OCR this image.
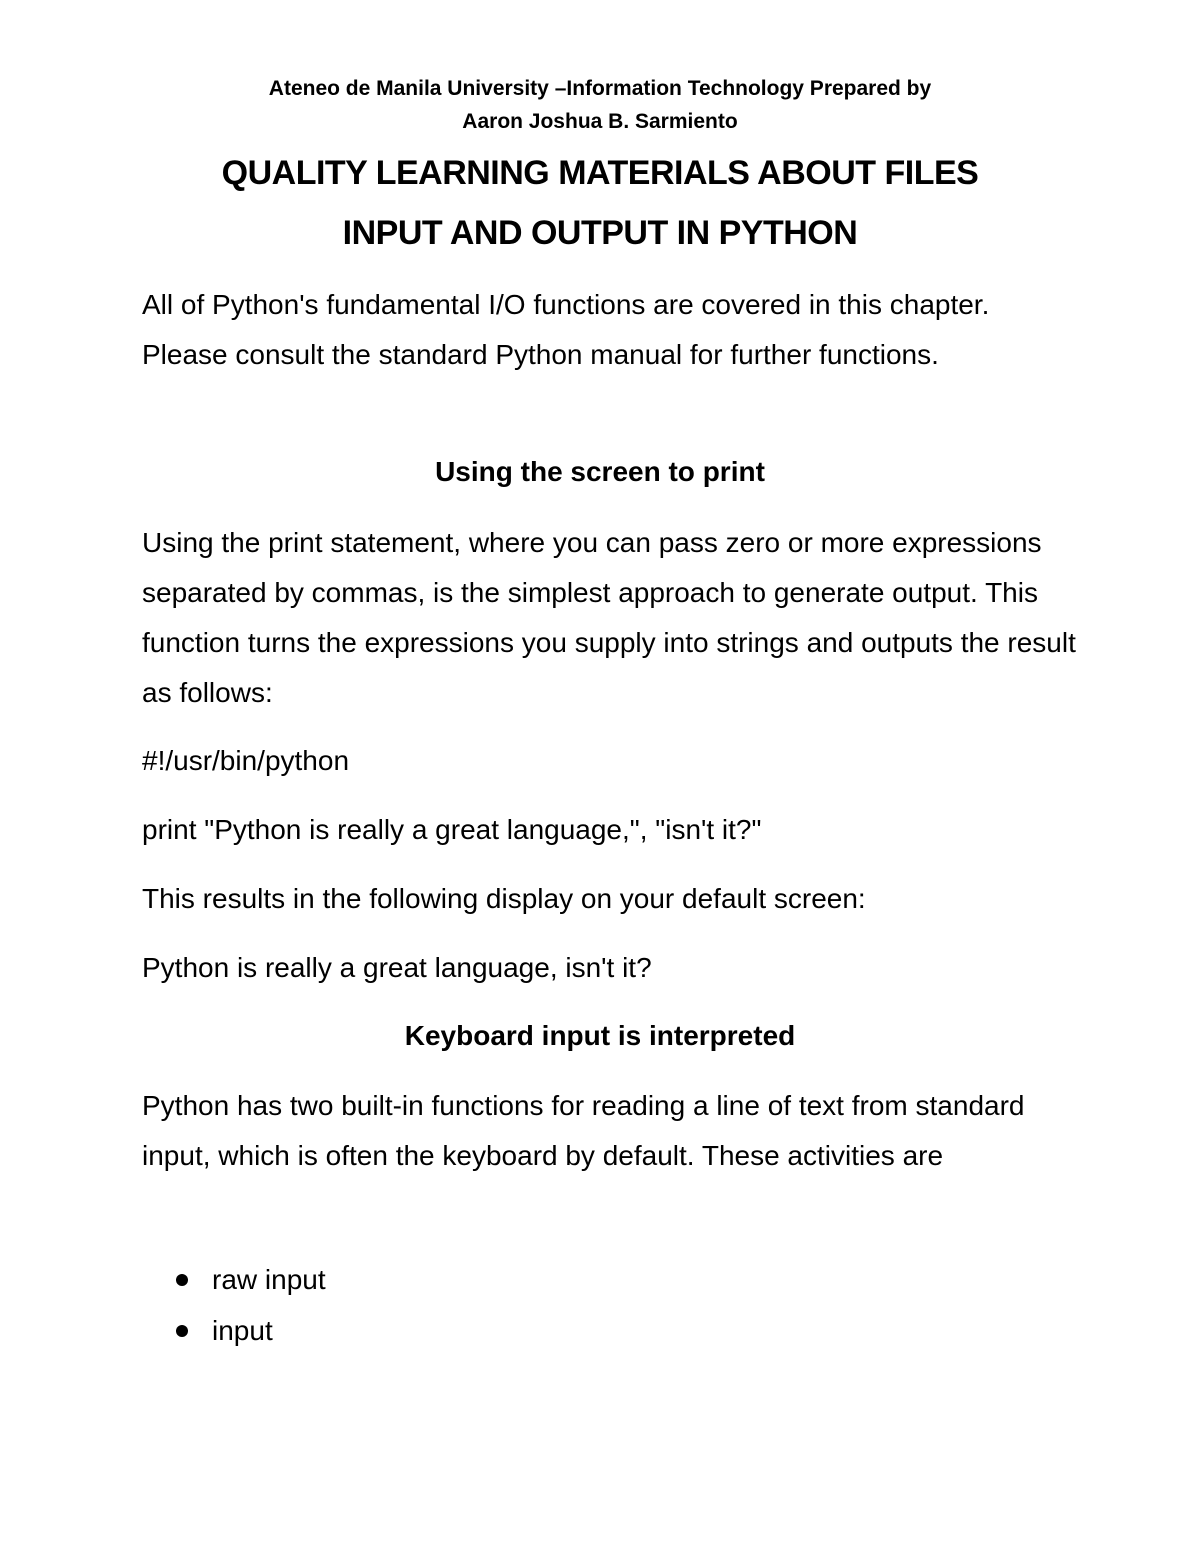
Ateneo de Manila University –Information Technology Prepared by
Aaron Joshua B. Sarmiento
QUALITY LEARNING MATERIALS ABOUT FILES
INPUT AND OUTPUT IN PYTHON

All of Python's fundamental I/O functions are covered in this chapter. Please consult the standard Python manual for further functions.

Using the screen to print

Using the print statement, where you can pass zero or more expressions separated by commas, is the simplest approach to generate output. This function turns the expressions you supply into strings and outputs the result as follows:

#!/usr/bin/python

print "Python is really a great language,", "isn't it?"

This results in the following display on your default screen:

Python is really a great language, isn't it?

Keyboard input is interpreted

Python has two built-in functions for reading a line of text from standard input, which is often the keyboard by default. These activities are

raw input
input
